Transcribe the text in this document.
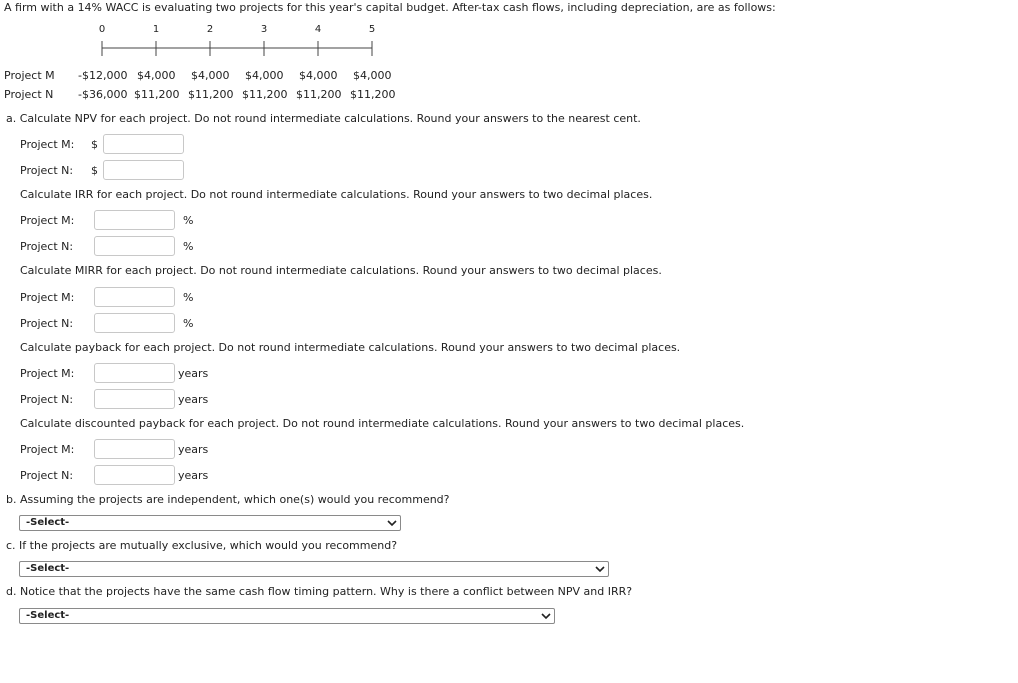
A firm with a 14% WACC is evaluating two projects for this year's capital budget. After-tax cash flows, including depreciation, are as follows:
0	1	2	3	4	5
Project M -$12,000 $4,000 $4,000 $4,000 $4,000 $4,000
Project N -$36,000 $11,200 $11,200 $11,200 $11,200 $11,200
a. Calculate NPV for each project. Do not round intermediate calculations. Round your answers to the nearest cent.
Project M: $
Project N: $
Calculate IRR for each project. Do not round intermediate calculations. Round your answers to two decimal places.
Project M:	%
Project N:	%
Calculate MIRR for each project. Do not round intermediate calculations. Round your answers to two decimal places.
Project M:	%
Project N:	%
Calculate payback for each project. Do not round intermediate calculations. Round your answers to two decimal places.
Project M:	years
Project N:	years
Calculate discounted payback for each project. Do not round intermediate calculations. Round your answers to two decimal places.
Project M:	years
Project N:	years
b. Assuming the projects are independent, which one(s) would you recommend?
-Select-
c. If the projects are mutually exclusive, which would you recommend?
-Select-
d. Notice that the projects have the same cash flow timing pattern. Why is there a conflict between NPV and IRR?
-Select-
